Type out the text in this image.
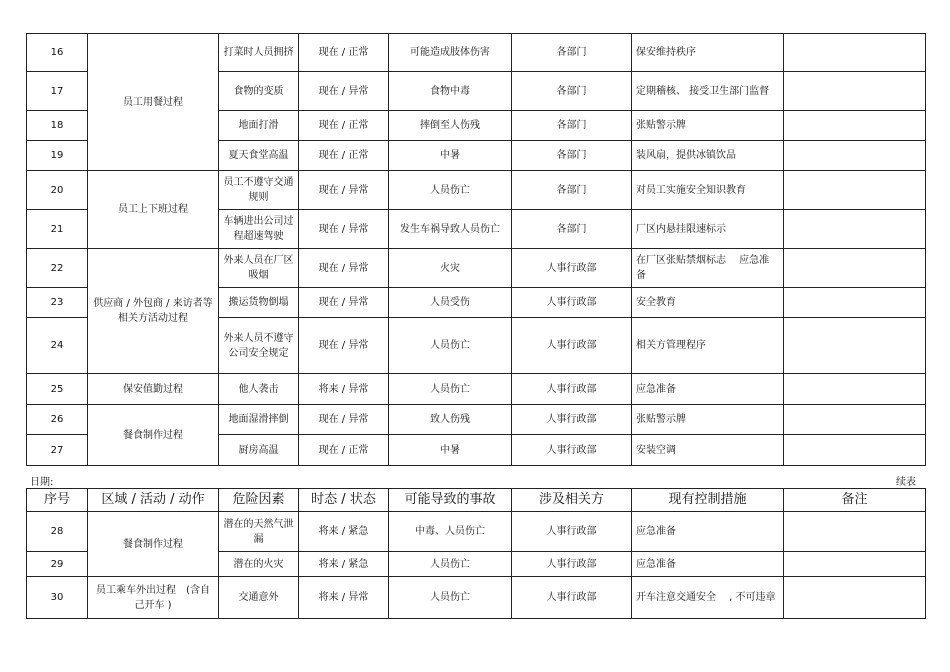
16	员工用餐过程	打菜时人员拥挤	现在 / 正常	可能造成肢体伤害	各部门	保安维持秩序	
17		食物的变质	现在 / 异常	食物中毒	各部门	定期稽核、 接受卫生部门监督	
18		地面打滑	现在 / 正常	摔倒至人伤残	各部门	张贴警示牌	
19		夏天食堂高温	现在 / 正常	中暑	各部门	装风扇，提供冰镇饮品	
20	员工上下班过程	员工不遵守交通规则	现在 / 异常	人员伤亡	各部门	对员工实施安全知识教育	
21		车辆进出公司过程超速驾驶	现在 / 异常	发生车祸导致人员伤亡	各部门	厂区内悬挂限速标示	
22	供应商 / 外包商 / 来访者等相关方活动过程	外来人员在厂区吸烟	现在 / 异常	火灾	人事行政部	在厂区张贴禁烟标志　 应急准备	
23		搬运货物倒塌	现在 / 异常	人员受伤	人事行政部	安全教育	
24		外来人员不遵守公司安全规定	现在 / 异常	人员伤亡	人事行政部	相关方管理程序	
25	保安值勤过程	他人袭击	将来 / 异常	人员伤亡	人事行政部	应急准备	
26	餐食制作过程	地面湿滑摔倒	现在 / 异常	致人伤残	人事行政部	张贴警示牌	
27		厨房高温	现在 / 正常	中暑	人事行政部	安装空调	
日期:	续表
序号	区域 / 活动 / 动作	危险因素	时态 / 状态	可能导致的事故	涉及相关方	现有控制措施	备注
28	餐食制作过程	潜在的天然气泄漏	将来 / 紧急	中毒、人员伤亡	人事行政部	应急准备	
29		潜在的火灾	将来 / 紧急	人员伤亡	人事行政部	应急准备	
30	员工乘车外出过程　(含自己开车 )	交通意外	将来 / 异常	人员伤亡	人事行政部	开车注意交通安全　 , 不可违章	
